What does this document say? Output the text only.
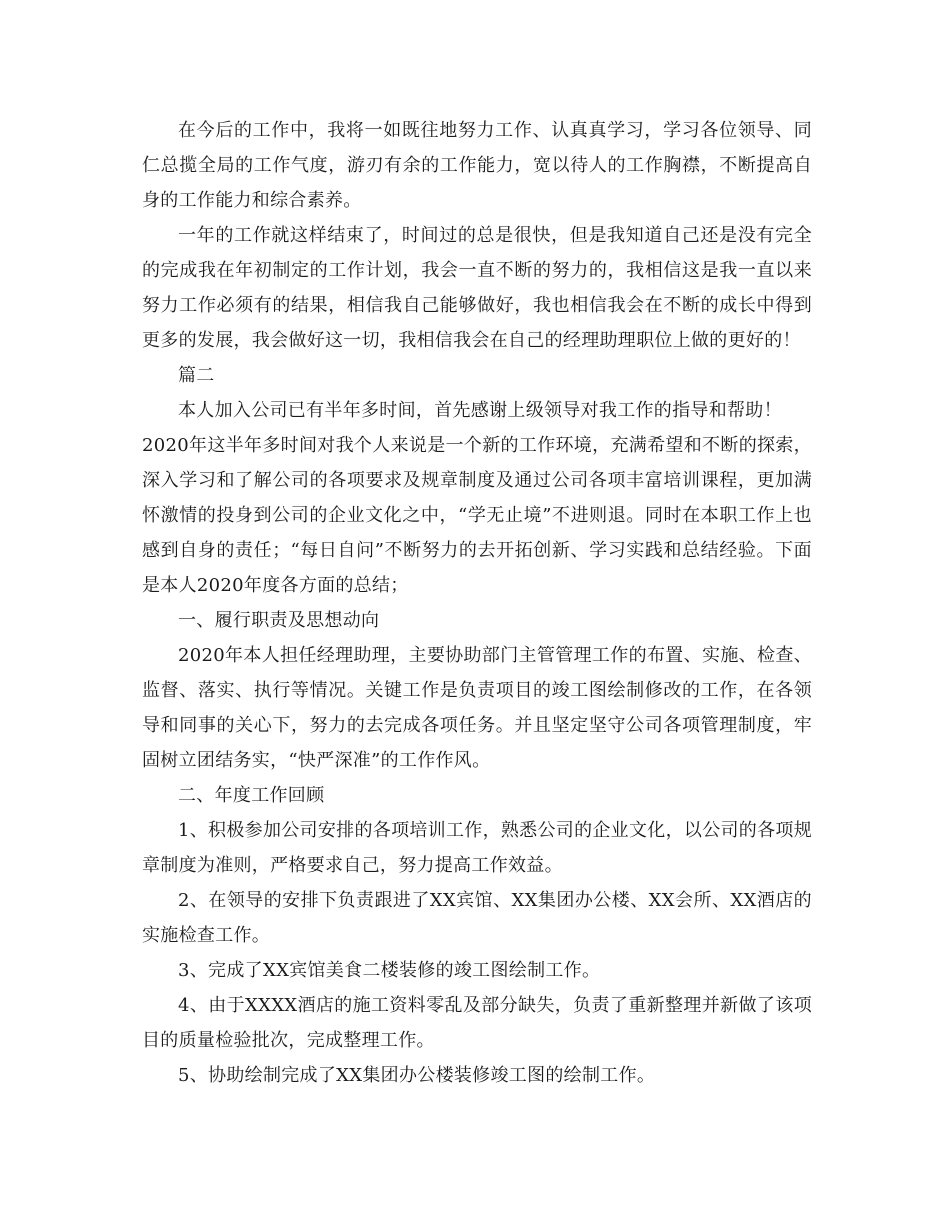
在今后的工作中，我将一如既往地努力工作、认真真学习，学习各位领导、同仁总揽全局的工作气度，游刃有余的工作能力，宽以待人的工作胸襟，不断提高自身的工作能力和综合素养。

一年的工作就这样结束了，时间过的总是很快，但是我知道自己还是没有完全的完成我在年初制定的工作计划，我会一直不断的努力的，我相信这是我一直以来努力工作必须有的结果，相信我自己能够做好，我也相信我会在不断的成长中得到更多的发展，我会做好这一切，我相信我会在自己的经理助理职位上做的更好的！

篇二

本人加入公司已有半年多时间，首先感谢上级领导对我工作的指导和帮助！

2020年这半年多时间对我个人来说是一个新的工作环境，充满希望和不断的探索，深入学习和了解公司的各项要求及规章制度及通过公司各项丰富培训课程，更加满怀激情的投身到公司的企业文化之中，“学无止境”不进则退。同时在本职工作上也感到自身的责任；“每日自问”不断努力的去开拓创新、学习实践和总结经验。下面是本人2020年度各方面的总结；

一、履行职责及思想动向

2020年本人担任经理助理，主要协助部门主管管理工作的布置、实施、检查、监督、落实、执行等情况。关键工作是负责项目的竣工图绘制修改的工作，在各领导和同事的关心下，努力的去完成各项任务。并且坚定坚守公司各项管理制度，牢固树立团结务实，“快严深准”的工作作风。

二、年度工作回顾

1、积极参加公司安排的各项培训工作，熟悉公司的企业文化，以公司的各项规章制度为准则，严格要求自己，努力提高工作效益。

2、在领导的安排下负责跟进了XX宾馆、XX集团办公楼、XX会所、XX酒店的实施检查工作。

3、完成了XX宾馆美食二楼装修的竣工图绘制工作。

4、由于XXXX酒店的施工资料零乱及部分缺失，负责了重新整理并新做了该项目的质量检验批次，完成整理工作。

5、协助绘制完成了XX集团办公楼装修竣工图的绘制工作。
